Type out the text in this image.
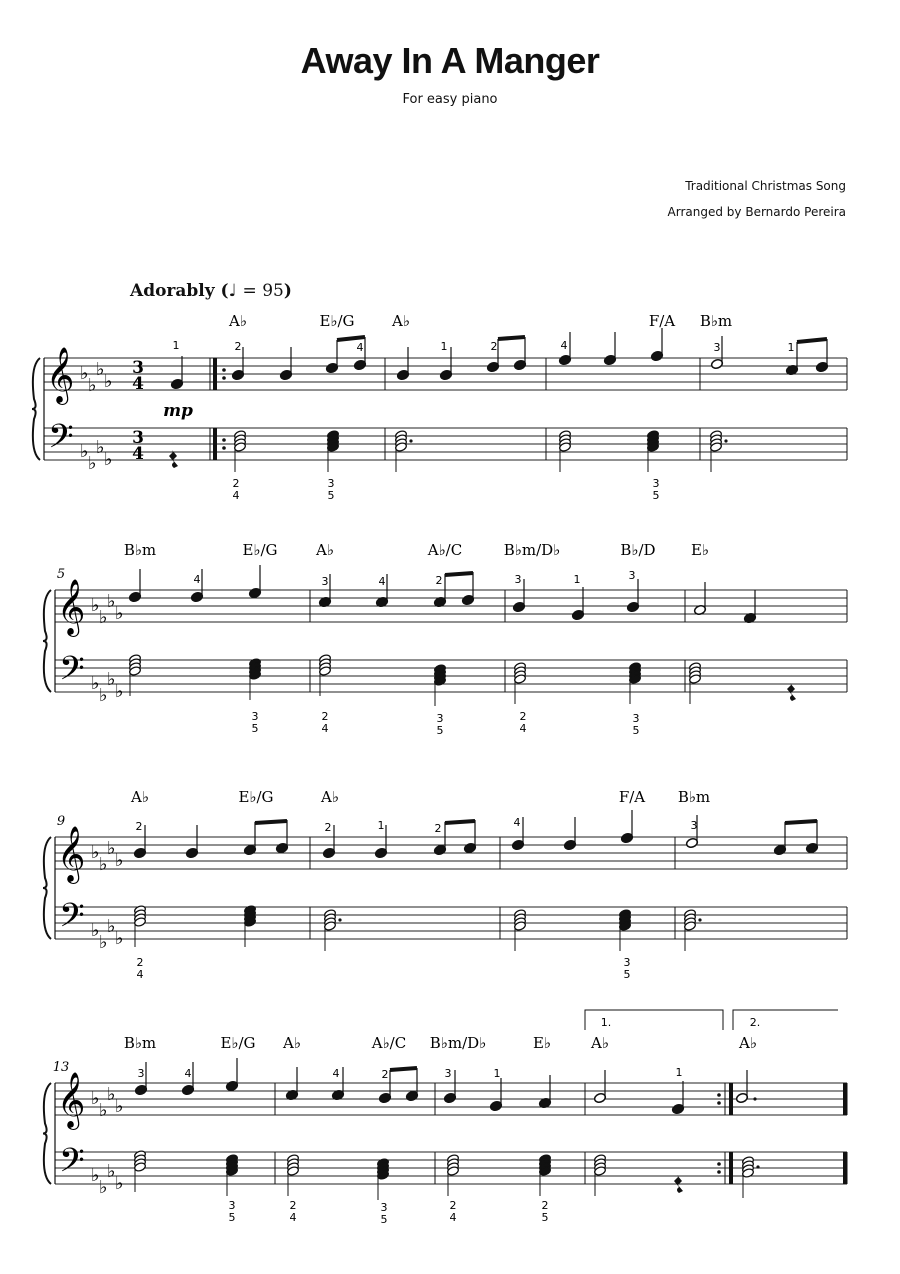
Away In A Manger
For easy piano
Traditional Christmas Song
Arranged by Bernardo Pereira
Adorably (♩ = 95)
𝄞
𝄢
♭
♭
♭
♭
♭
♭
♭
♭
3
4
3
4
A♭	E♭/G	A♭	F/A B♭m
1	2	4	1	2	4	3	1
2
4
3
5
3
5
𝄞
𝄢
♭
♭
♭
♭
♭
♭
♭
♭
5
B♭m	E♭/G	A♭	A♭/C	B♭m/D♭	B♭/D E♭
4	3	4	2	3	1	3
3
5
2
4
3
5
2
4
3
5
𝄞
𝄢
♭
♭
♭
♭
♭
♭
♭
♭
9
A♭	E♭/G	A♭	F/A B♭m
2	2	1	2	4	3
2
4
3
5
𝄞
𝄢
♭
♭
♭
♭
♭
♭
♭
♭
13
B♭m	E♭/G A♭	A♭/C B♭m/D♭	E♭	A♭	A♭
3	4	4	2	3	1	1
3
5
2
4
3
5
2
4
2
5
mp
1.	2.
